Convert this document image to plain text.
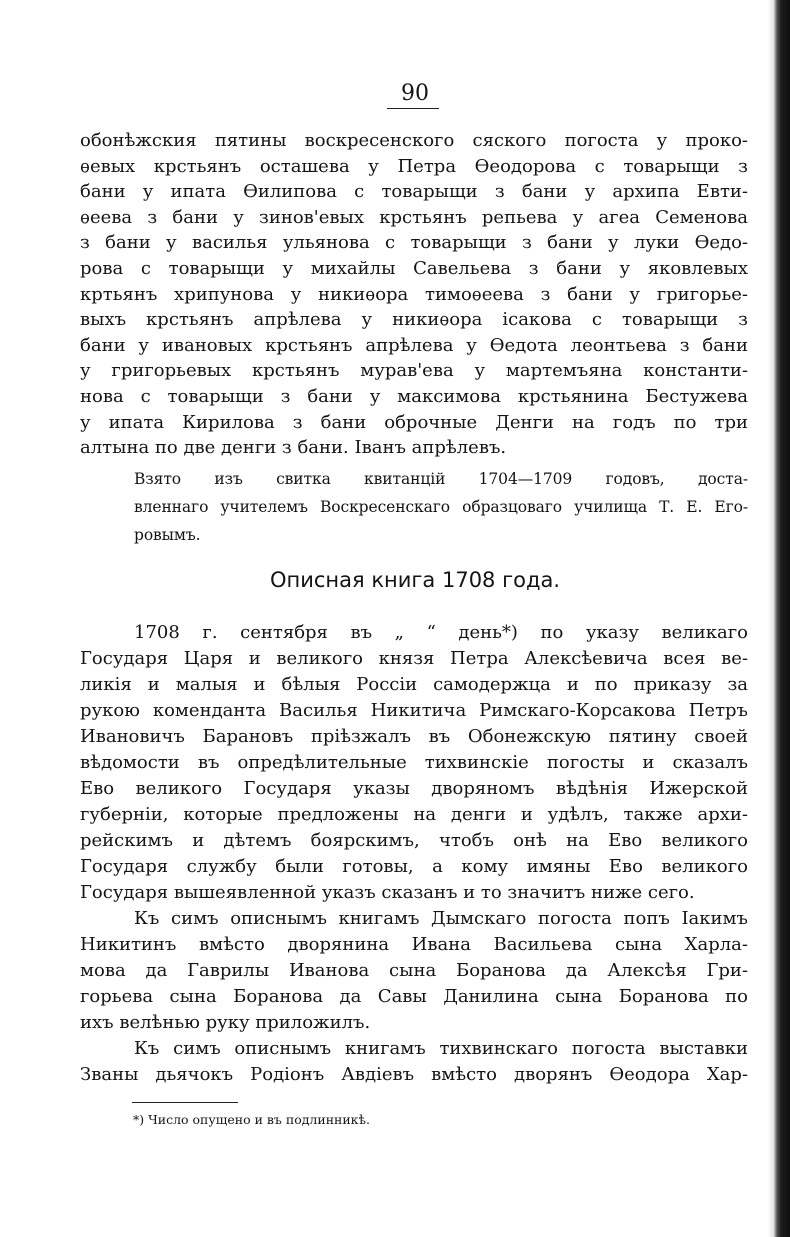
90
обонѣжския пятины воскресенского сяского погоста у проко-
ѳевых крстьянъ осташева у Петра Ѳеодорова с товарыщи з
бани у ипата Ѳилипова с товарыщи з бани у архипа Евти-
ѳеева з бани у зинов'евых крстьянъ репьева у агеа Семенова
з бани у василья ульянова с товарыщи з бани у луки Ѳедо-
рова с товарыщи у михайлы Савельева з бани у яковлевых
кртьянъ хрипунова у никиѳора тимоѳеева з бани у григорье-
выхъ крстьянъ апрѣлева у никиѳора ісакова с товарыщи з
бани у ивановых крстьянъ апрѣлева у Ѳедота леонтьева з бани
у григорьевых крстьянъ мурав'ева у мартемъяна константи-
нова с товарыщи з бани у максимова крстьянина Бестужева
у ипата Кирилова з бани оброчные Денги на годъ по три
алтына по две денги з бани. Іванъ апрѣлевъ.
Взято изъ свитка квитанцій 1704—1709 годовъ, доста-
вленнаго учителемъ Воскресенскаго образцоваго училища Т. Е. Его-
ровымъ.
Описная книга 1708 года.
1708 г. сентября въ „ “ день*) по указу великаго
Государя Царя и великого князя Петра Алексѣевича всея ве-
ликія и малыя и бѣлыя Россіи самодержца и по приказу за
рукою коменданта Василья Никитича Римскаго-Корсакова Петръ
Ивановичъ Барановъ пріѣзжалъ въ Обонежскую пятину своей
вѣдомости въ опредѣлительные тихвинскіе погосты и сказалъ
Ево великого Государя указы дворяномъ вѣдѣнія Ижерской
губерніи, которые предложены на денги и удѣлъ, также архи-
рейскимъ и дѣтемъ боярскимъ, чтобъ онѣ на Ево великого
Государя службу были готовы, а кому имяны Ево великого
Государя вышеявленной указъ сказанъ и то значитъ ниже сего.
Къ симъ описнымъ книгамъ Дымскаго погоста попъ Іакимъ
Никитинъ вмѣсто дворянина Ивана Васильева сына Харла-
мова да Гаврилы Иванова сына Боранова да Алексѣя Гри-
горьева сына Боранова да Савы Данилина сына Боранова по
ихъ велѣнью руку приложилъ.
Къ симъ описнымъ книгамъ тихвинскаго погоста выставки
Званы дьячокъ Родіонъ Авдіевъ вмѣсто дворянъ Ѳеодора Хар-
*) Число опущено и въ подлинникѣ.
